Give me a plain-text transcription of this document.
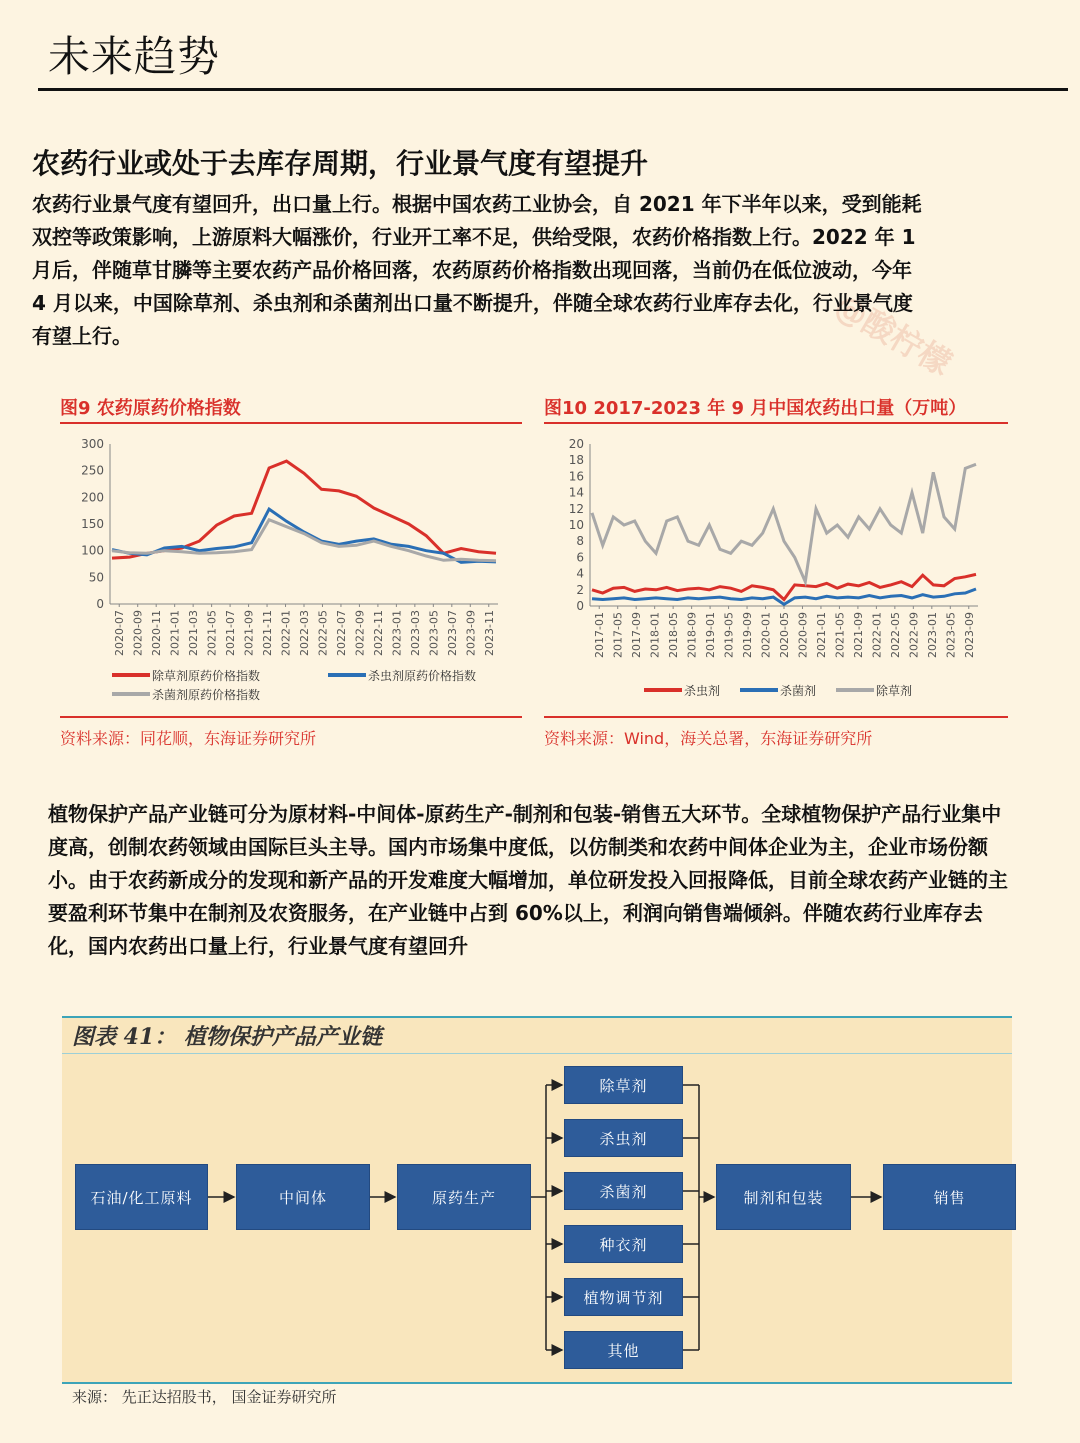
未来趋势
@酸柠檬
农药行业或处于去库存周期，行业景气度有望提升

农药行业景气度有望回升，出口量上行。根据中国农药工业协会，自 2021 年下半年以来，受到能耗双控等政策影响，上游原料大幅涨价，行业开工率不足，供给受限，农药价格指数上行。2022 年 1 月后，伴随草甘膦等主要农药产品价格回落，农药原药价格指数出现回落，当前仍在低位波动，今年 4 月以来，中国除草剂、杀虫剂和杀菌剂出口量不断提升，伴随全球农药行业库存去化，行业景气度有望上行。

图9 农药原药价格指数
0
50
100
150
200
250
300
2020-07 2020-09 2020-11 2021-01 2021-03 2021-05 2021-07 2021-09 2021-11 2022-01 2022-03 2022-05 2022-07 2022-09 2022-11 2023-01 2023-03 2023-05 2023-07 2023-09 2023-11
除草剂原药价格指数	杀虫剂原药价格指数
杀菌剂原药价格指数
资料来源：同花顺，东海证券研究所
图10 2017-2023 年 9 月中国农药出口量（万吨）
0
2
4
6
8
10
12
14
16
18
20
2017-01 2017-05 2017-09 2018-01 2018-05 2018-09 2019-01 2019-05 2019-09 2020-01 2020-05 2020-09 2021-01 2021-05 2021-09 2022-01 2022-05 2022-09 2023-01 2023-05 2023-09
杀虫剂	杀菌剂	除草剂
资料来源：Wind，海关总署，东海证券研究所

植物保护产品产业链可分为原材料-中间体-原药生产-制剂和包装-销售五大环节。全球植物保护产品行业集中度高，创制农药领域由国际巨头主导。国内市场集中度低，以仿制类和农药中间体企业为主，企业市场份额小。由于农药新成分的发现和新产品的开发难度大幅增加，单位研发投入回报降低，目前全球农药产业链的主要盈利环节集中在制剂及农资服务，在产业链中占到 60%以上，利润向销售端倾斜。伴随农药行业库存去化，国内农药出口量上行，行业景气度有望回升

图表 41： 植物保护产品产业链
石油/化工原料	中间体	原药生产
除草剂
杀虫剂
杀菌剂
种衣剂
植物调节剂
其他
制剂和包装	销售
来源： 先正达招股书， 国金证券研究所
